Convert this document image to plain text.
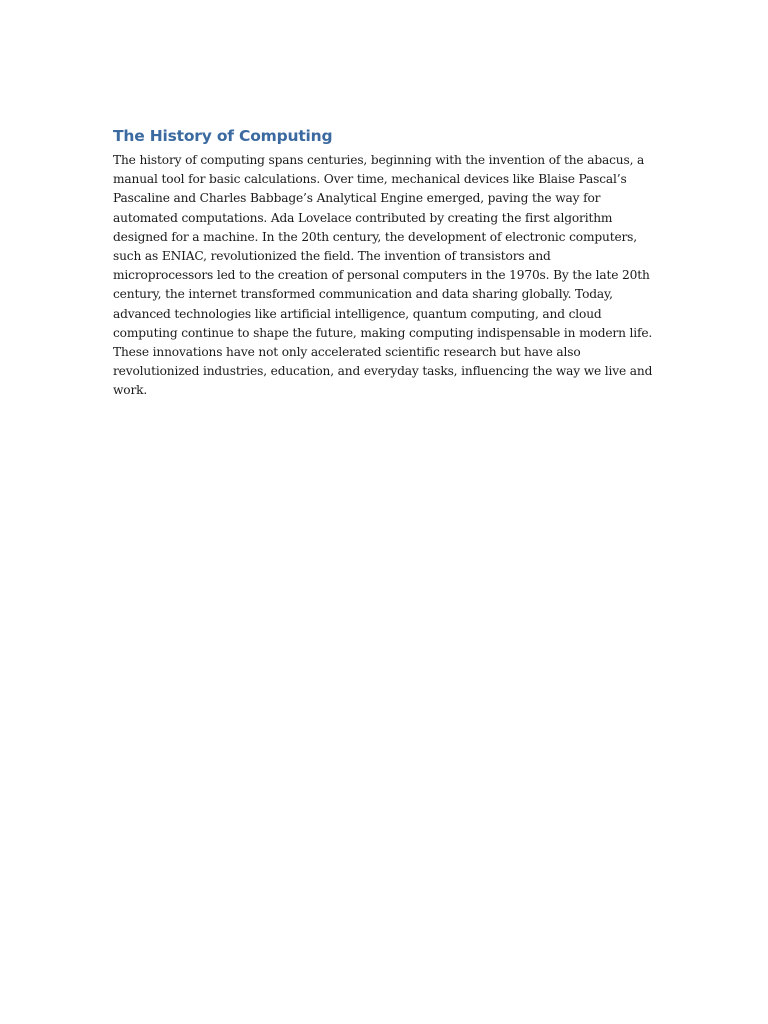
The History of Computing

The history of computing spans centuries, beginning with the invention of the abacus, a manual tool for basic calculations. Over time, mechanical devices like Blaise Pascal’s Pascaline and Charles Babbage’s Analytical Engine emerged, paving the way for automated computations. Ada Lovelace contributed by creating the first algorithm designed for a machine. In the 20th century, the development of electronic computers, such as ENIAC, revolutionized the field. The invention of transistors and microprocessors led to the creation of personal computers in the 1970s. By the late 20th century, the internet transformed communication and data sharing globally. Today, advanced technologies like artificial intelligence, quantum computing, and cloud computing continue to shape the future, making computing indispensable in modern life. These innovations have not only accelerated scientific research but have also revolutionized industries, education, and everyday tasks, influencing the way we live and work.
